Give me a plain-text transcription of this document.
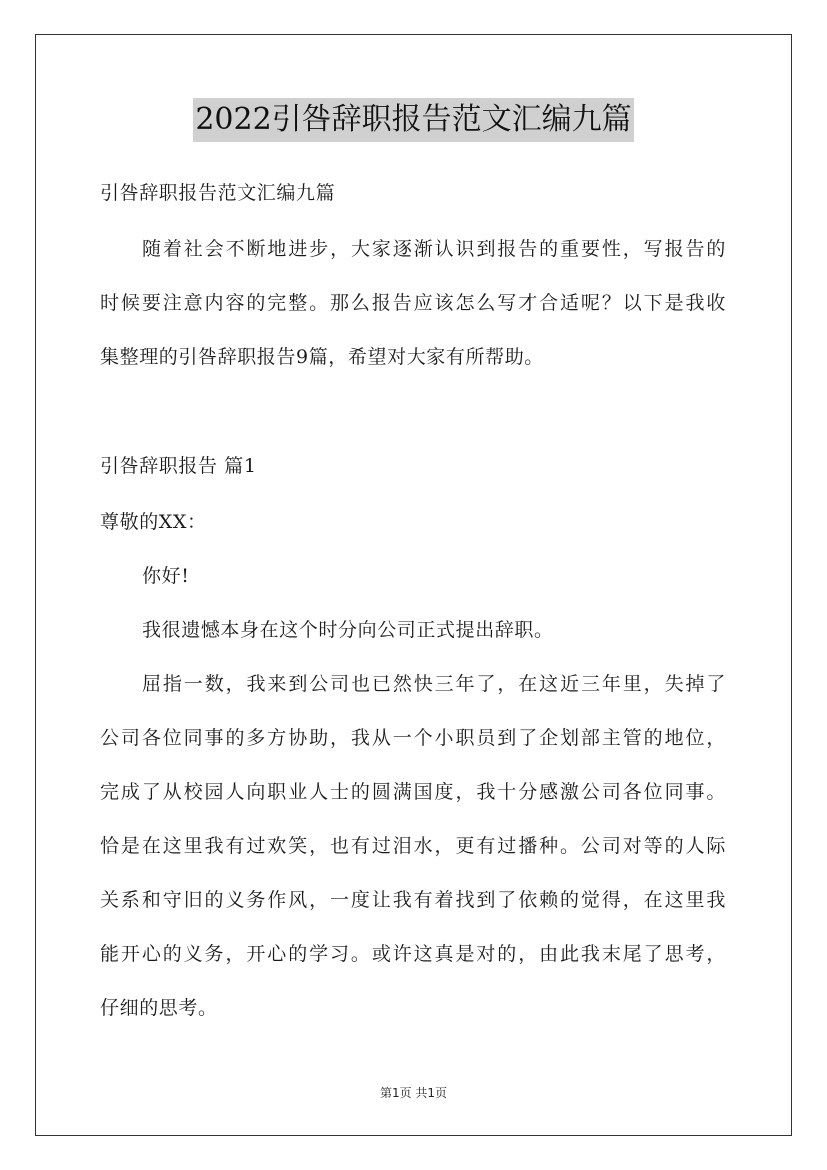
2022引咎辞职报告范文汇编九篇
引咎辞职报告范文汇编九篇
随着社会不断地进步，大家逐渐认识到报告的重要性，写报告的
时候要注意内容的完整。那么报告应该怎么写才合适呢？以下是我收
集整理的引咎辞职报告9篇，希望对大家有所帮助。
引咎辞职报告 篇1
尊敬的XX：
你好!
我很遗憾本身在这个时分向公司正式提出辞职。
屈指一数，我来到公司也已然快三年了，在这近三年里，失掉了
公司各位同事的多方协助，我从一个小职员到了企划部主管的地位，
完成了从校园人向职业人士的圆满国度，我十分感激公司各位同事。
恰是在这里我有过欢笑，也有过泪水，更有过播种。公司对等的人际
关系和守旧的义务作风，一度让我有着找到了依赖的觉得，在这里我
能开心的义务，开心的学习。或许这真是对的，由此我末尾了思考，
仔细的思考。
第1页 共1页
